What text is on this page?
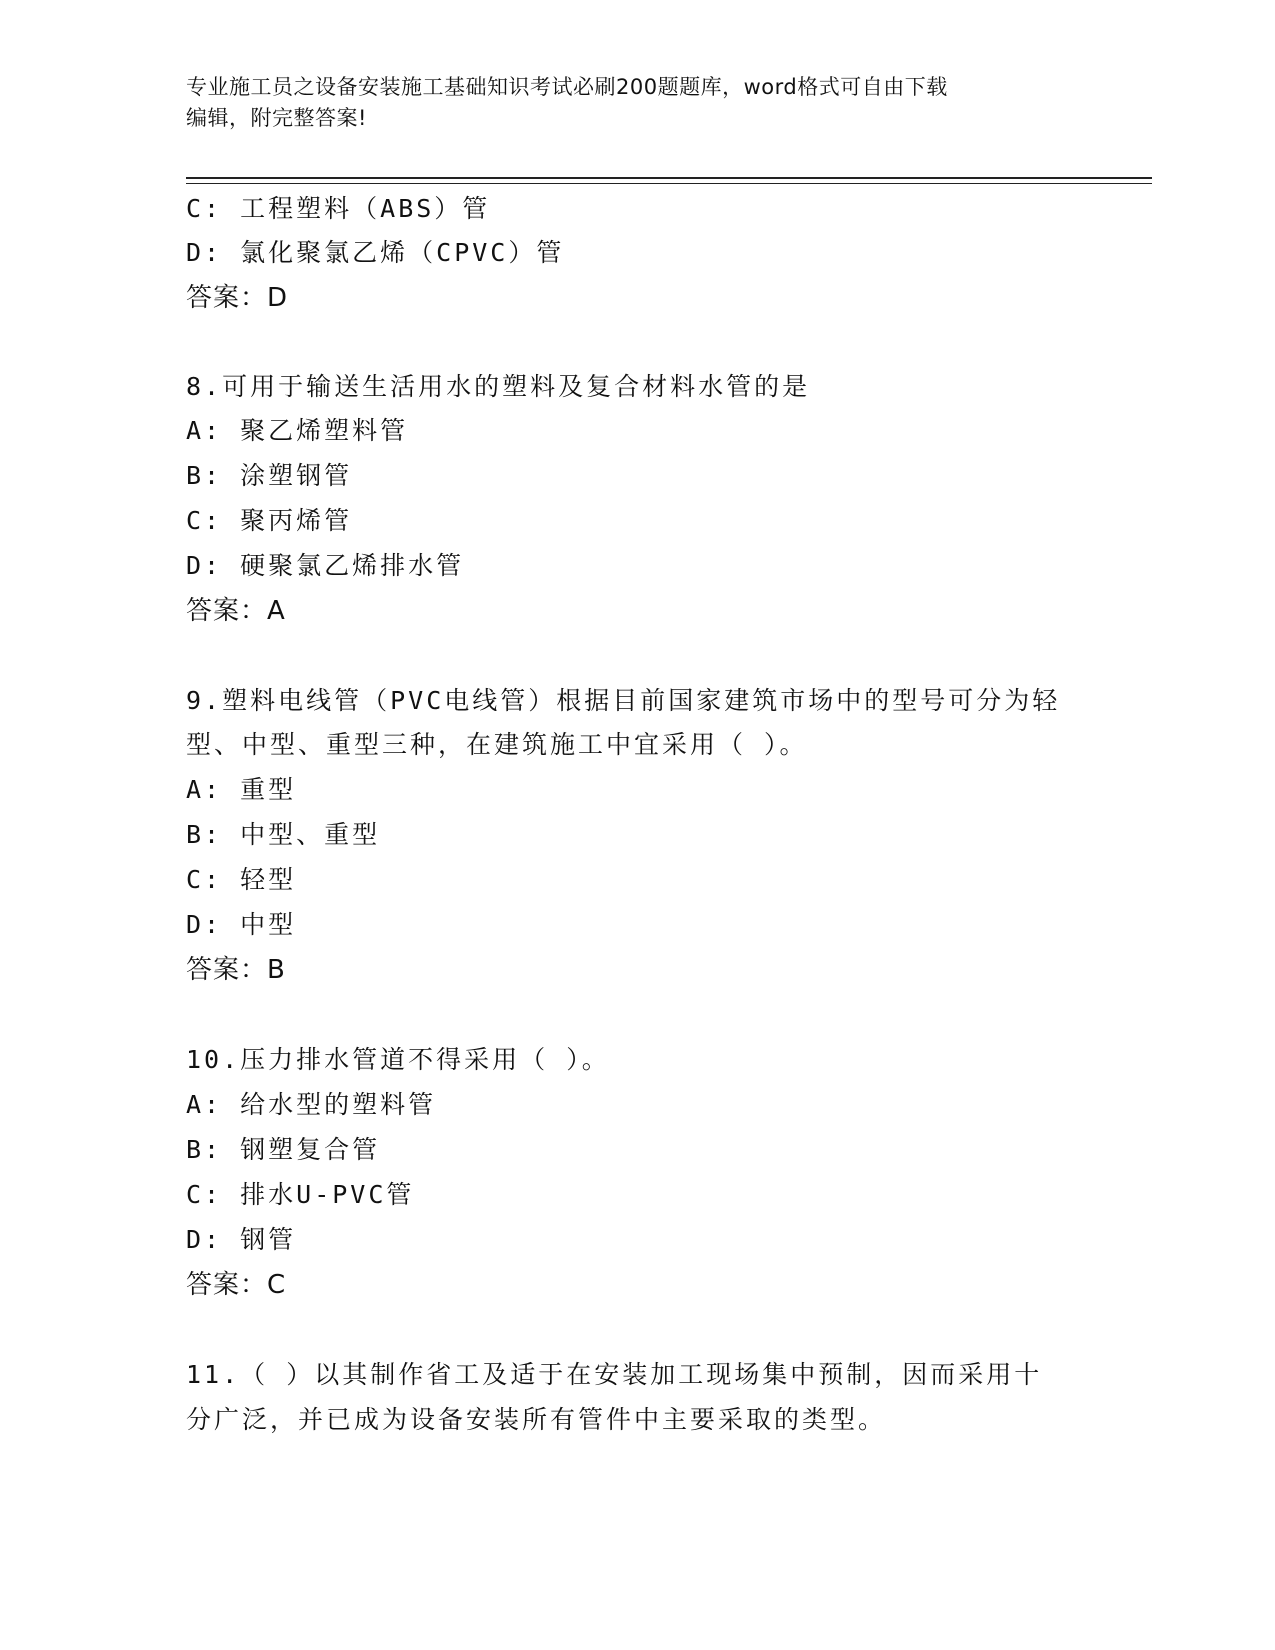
专业施工员之设备安装施工基础知识考试必刷200题题库，word格式可自由下载
编辑，附完整答案!
C: 工程塑料（ABS）管
D: 氯化聚氯乙烯（CPVC）管
答案：D
8.可用于输送生活用水的塑料及复合材料水管的是
A: 聚乙烯塑料管
B: 涂塑钢管
C: 聚丙烯管
D: 硬聚氯乙烯排水管
答案：A
9.塑料电线管（PVC电线管）根据目前国家建筑市场中的型号可分为轻
型、中型、重型三种，在建筑施工中宜采用（ ）。
A: 重型
B: 中型、重型
C: 轻型
D: 中型
答案：B
10.压力排水管道不得采用（ ）。
A: 给水型的塑料管
B: 钢塑复合管
C: 排水U-PVC管
D: 钢管
答案：C
11.（ ）以其制作省工及适于在安装加工现场集中预制，因而采用十
分广泛，并已成为设备安装所有管件中主要采取的类型。
